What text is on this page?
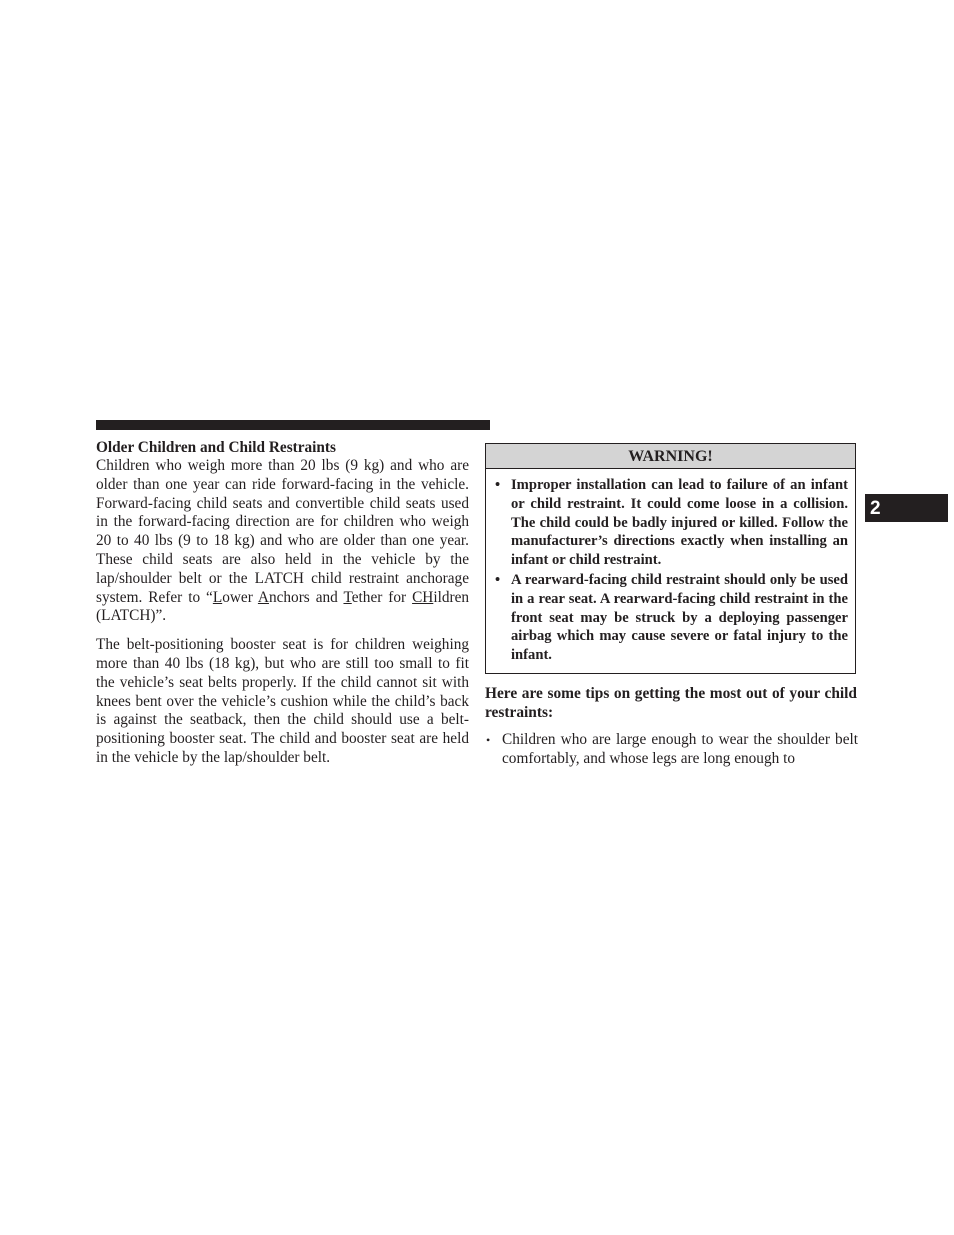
Older Children and Child Restraints

Children who weigh more than 20 lbs (9 kg) and who are older than one year can ride forward-facing in the vehicle. Forward-facing child seats and convertible child seats used in the forward-facing direction are for children who weigh 20 to 40 lbs (9 to 18 kg) and who are older than one year. These child seats are also held in the vehicle by the lap/shoulder belt or the LATCH child restraint anchorage system. Refer to “Lower Anchors and Tether for CHildren (LATCH)”.

The belt-positioning booster seat is for children weighing more than 40 lbs (18 kg), but who are still too small to fit the vehicle’s seat belts properly. If the child cannot sit with knees bent over the vehicle’s cushion while the child’s back is against the seatback, then the child should use a belt-positioning booster seat. The child and booster seat are held in the vehicle by the lap/shoulder belt.

WARNING!
• Improper installation can lead to failure of an infant or child restraint. It could come loose in a collision. The child could be badly injured or killed. Follow the manufacturer’s directions exactly when installing an infant or child restraint.
• A rearward-facing child restraint should only be used in a rear seat. A rearward-facing child restraint in the front seat may be struck by a deploying passenger airbag which may cause severe or fatal injury to the infant.
Here are some tips on getting the most out of your child restraints:
• Children who are large enough to wear the shoulder belt comfortably, and whose legs are long enough to
2
